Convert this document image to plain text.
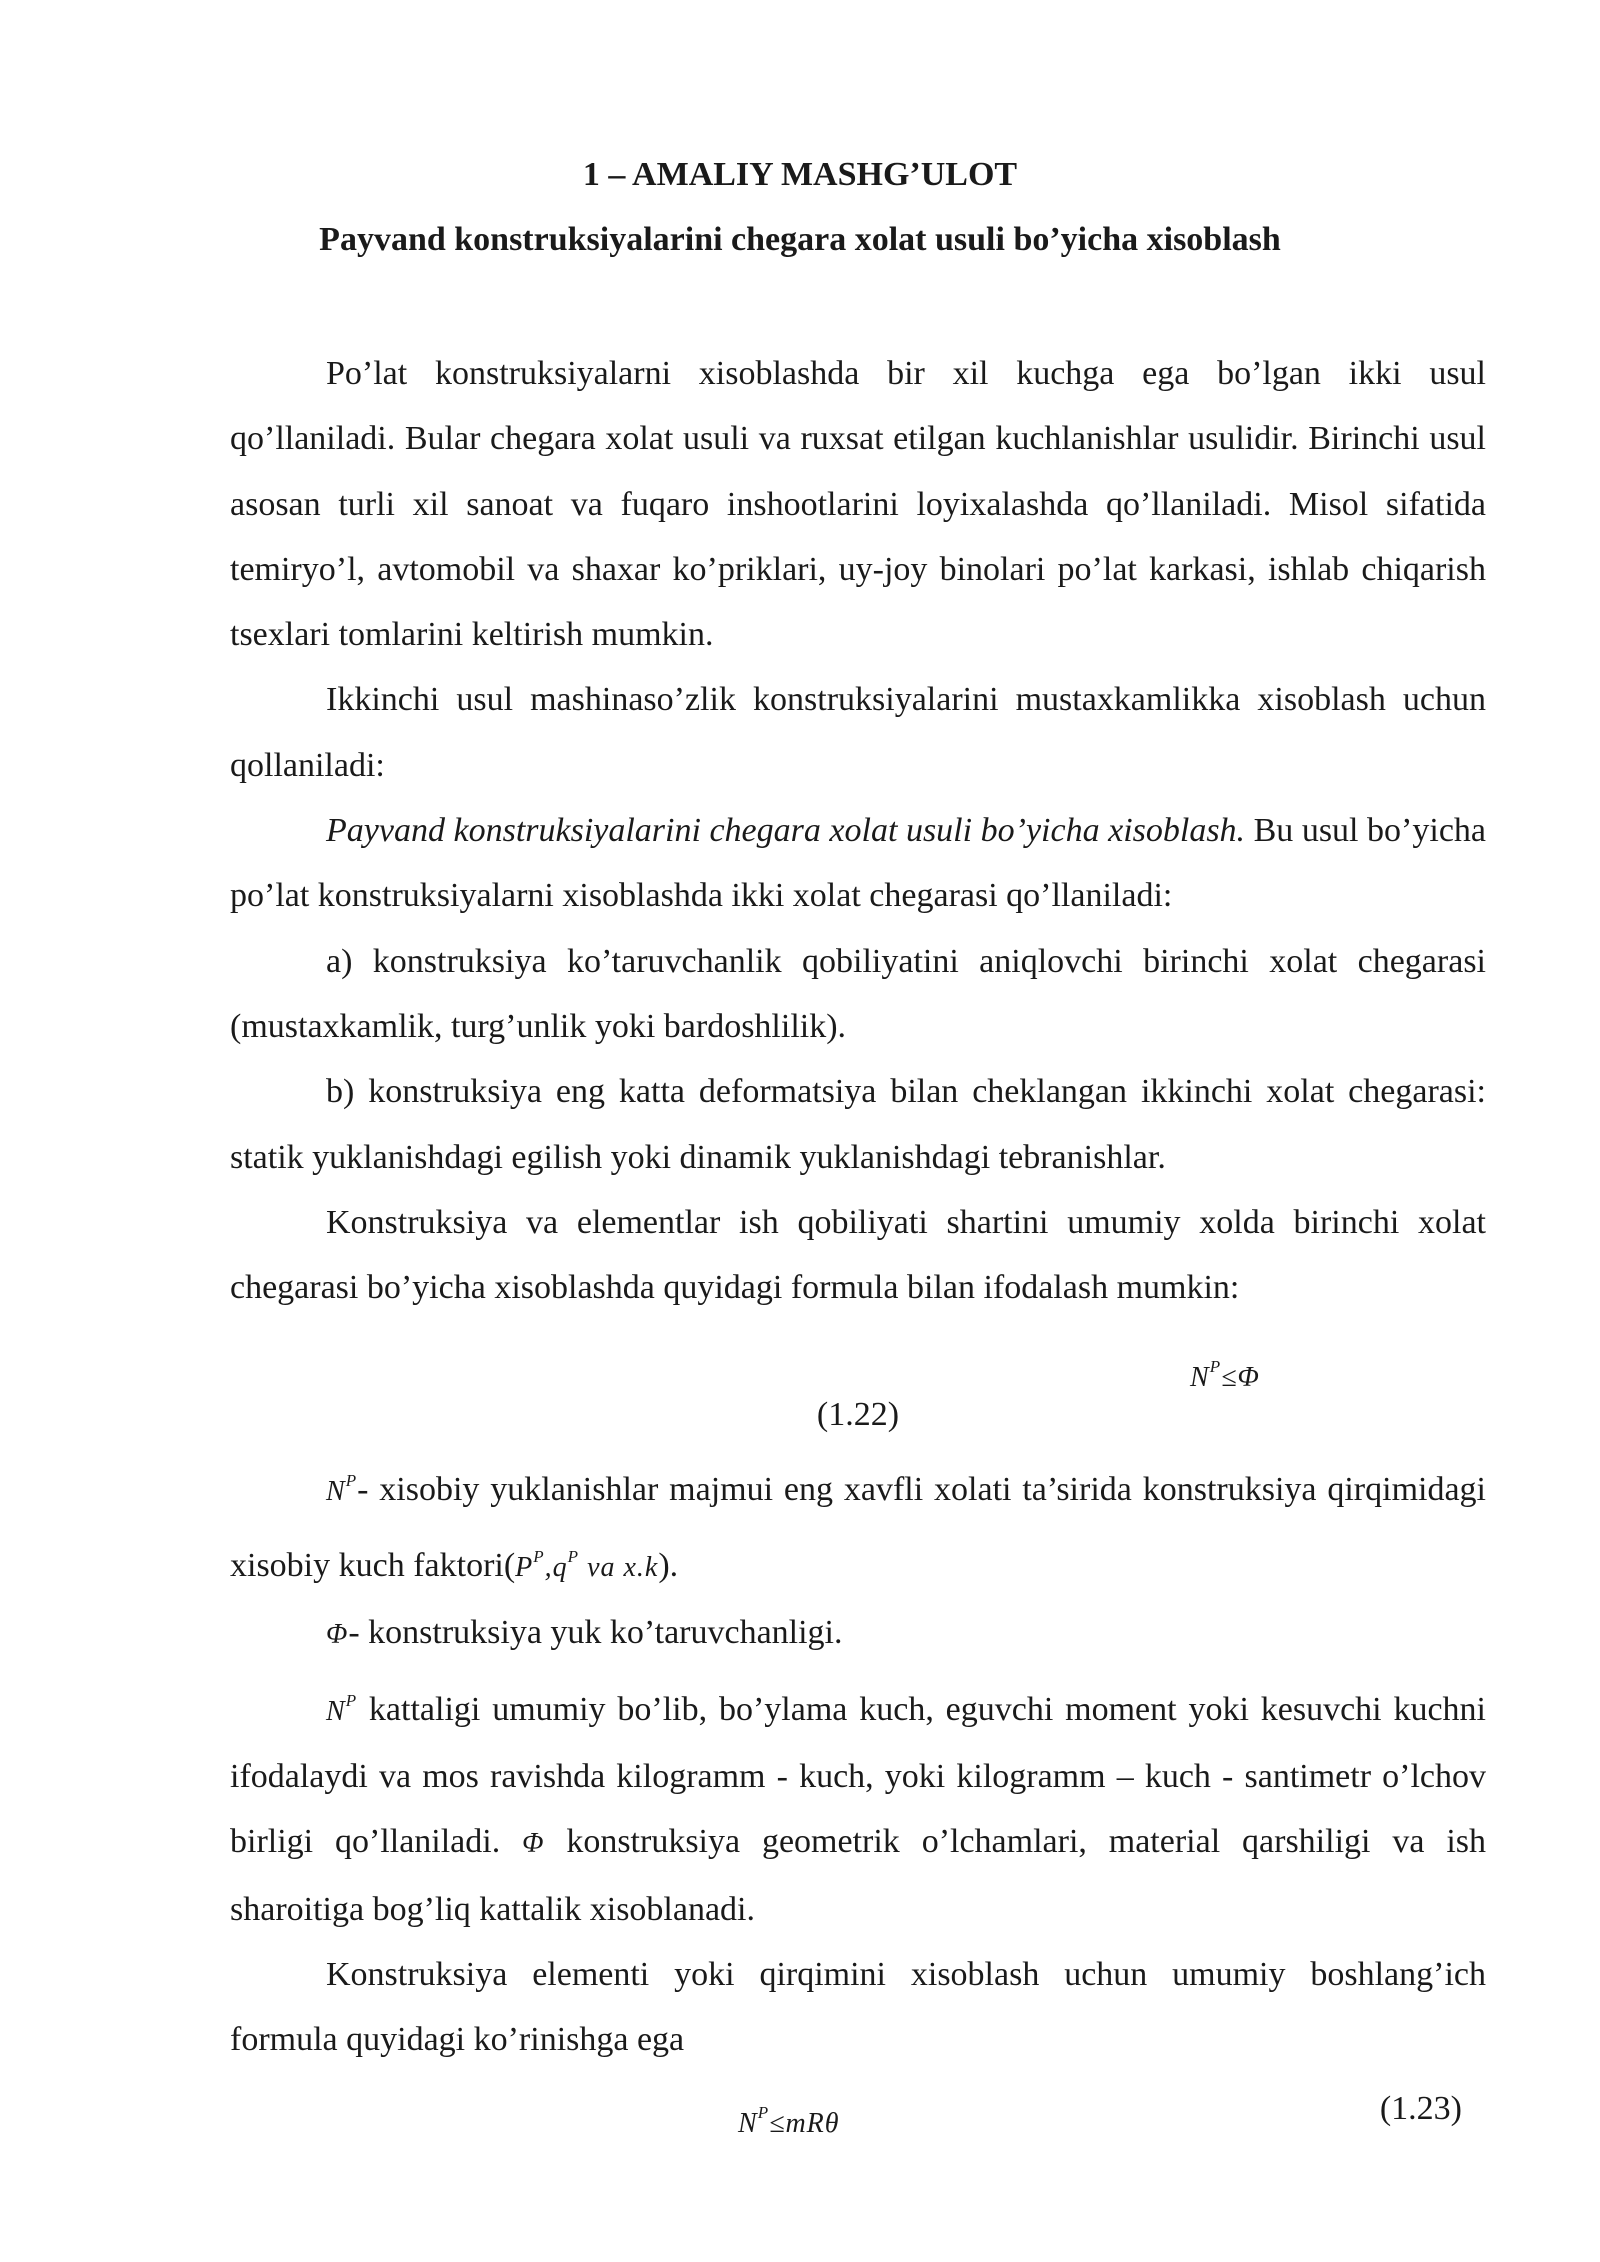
1 – AMALIY MASHG’ULOT
Payvand konstruksiyalarini chegara xolat usuli bo’yicha xisoblash

Po’lat konstruksiyalarni xisoblashda bir xil kuchga ega bo’lgan ikki usul qo’llaniladi. Bular chegara xolat usuli va ruxsat etilgan kuchlanishlar usulidir. Birinchi usul asosan turli xil sanoat va fuqaro inshootlarini loyixalashda qo’llaniladi. Misol sifatida temiryo’l, avtomobil va shaxar ko’priklari, uy-joy binolari po’lat karkasi, ishlab chiqarish tsexlari tomlarini keltirish mumkin.

Ikkinchi usul mashinaso’zlik konstruksiyalarini mustaxkamlikka xisoblash uchun qollaniladi:

Payvand konstruksiyalarini chegara xolat usuli bo’yicha xisoblash. Bu usul bo’yicha po’lat konstruksiyalarni xisoblashda ikki xolat chegarasi qo’llaniladi:

a) konstruksiya ko’taruvchanlik qobiliyatini aniqlovchi birinchi xolat chegarasi (mustaxkamlik, turg’unlik yoki bardoshlilik).

b) konstruksiya eng katta deformatsiya bilan cheklangan ikkinchi xolat chegarasi: statik yuklanishdagi egilish yoki dinamik yuklanishdagi tebranishlar.

Konstruksiya va elementlar ish qobiliyati shartini umumiy xolda birinchi xolat chegarasi bo’yicha xisoblashda quyidagi formula bilan ifodalash mumkin:

$N^P\le\Phi$

(1.22)

$N^P-$ xisobiy yuklanishlar majmui eng xavfli xolati ta’sirida konstruksiya qirqimidagi xisobiy kuch $faktori(P^P,q^P$ va x.k).

Φ- konstruksiya yuk ko’taruvchanligi.

$N^P$ kattaligi umumiy bo’lib, bo’ylama kuch, eguvchi moment yoki kesuvchi kuchni ifodalaydi va mos ravishda kilogramm - kuch, yoki kilogramm – kuch - santimetr o’lchov birligi qo’llaniladi. Φ konstruksiya geometrik o’lchamlari, material qarshiligi va ish sharoitiga bog’liq kattalik xisoblanadi.

Konstruksiya elementi yoki qirqimini xisoblash uchun umumiy boshlang’ich formula quyidagi ko’rinishga ega

$N^P\le mR\theta$	(1.23)
